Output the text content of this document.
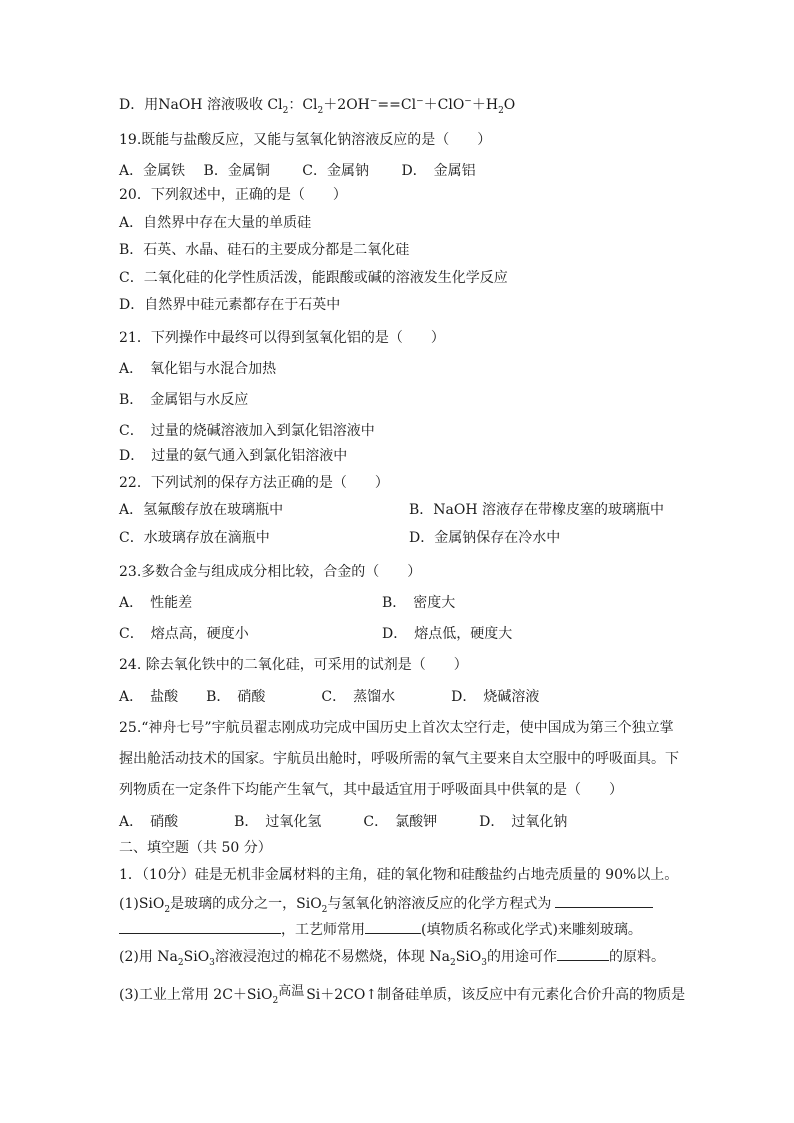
D．用NaOH 溶液吸收 $Cl_2$：$Cl_2+2OH^-==Cl^-+ClO^-+H_2O$
19.既能与盐酸反应，又能与氢氧化钠溶液反应的是（　　）
A．金属铁　 B．金属铜　　 C．金属钠　　 D．　金属铝
20．下列叙述中，正确的是（　　）
A．自然界中存在大量的单质硅
B．石英、水晶、硅石的主要成分都是二氧化硅
C．二氧化硅的化学性质活泼，能跟酸或碱的溶液发生化学反应
D．自然界中硅元素都存在于石英中
21．下列操作中最终可以得到氢氧化铝的是（　　）
A．　氧化铝与水混合加热
B．　金属铝与水反应
C．　过量的烧碱溶液加入到氯化铝溶液中
D．　过量的氨气通入到氯化铝溶液中
22．下列试剂的保存方法正确的是（　　）
A．氢氟酸存放在玻璃瓶中	B．NaOH 溶液存在带橡皮塞的玻璃瓶中
C．水玻璃存放在滴瓶中	D．金属钠保存在冷水中
23.多数合金与组成成分相比较，合金的（　　）
A．　性能差	B．　密度大
C．　熔点高，硬度小	D．　熔点低，硬度大
24. 除去氧化铁中的二氧化硅，可采用的试剂是（　　）
A．　盐酸　　B．　硝酸　　　　C．　蒸馏水　　　　D．　烧碱溶液
25.“神舟七号”宇航员翟志刚成功完成中国历史上首次太空行走，使中国成为第三个独立掌
握出舱活动技术的国家。宇航员出舱时，呼吸所需的氧气主要来自太空服中的呼吸面具。下
列物质在一定条件下均能产生氧气，其中最适宜用于呼吸面具中供氧的是（　　）
A．　硝酸　　　　B．　过氧化氢　　　C．　氯酸钾　　　D．　过氧化钠
二、填空题（共 50 分）
1．（10分）硅是无机非金属材料的主角，硅的氧化物和硅酸盐约占地壳质量的 90%以上。
(1)SiO$_2$是玻璃的成分之一，SiO$_2$与氢氧化钠溶液反应的化学方程式为
，工艺师常用	(填物质名称或化学式)来雕刻玻璃。
(2)用 $Na_2SiO_3$溶液浸泡过的棉花不易燃烧，体现 $Na_2SiO_3$的用途可作	的原料。
(3)工业上常用 2C＋SiO$_2$
高温 Si＋2CO↑制备硅单质，该反应中有元素化合价升高的物质是
